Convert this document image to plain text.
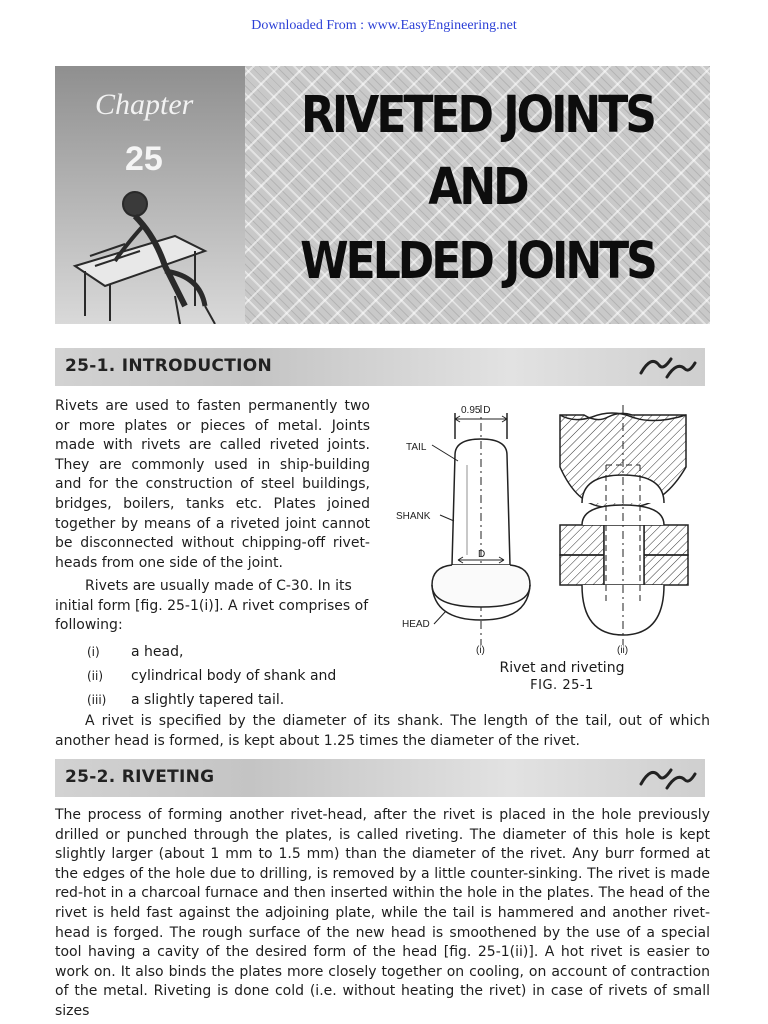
Downloaded From : www.EasyEngineering.net
Chapter
25
RIVETED JOINTS
AND
WELDED JOINTS
25-1. INTRODUCTION

Rivets are used to fasten permanently two or more plates or pieces of metal. Joints made with rivets are called riveted joints. They are commonly used in ship-building and for the construction of steel buildings, bridges, boilers, tanks etc. Plates joined together by means of a riveted joint cannot be disconnected without chipping-off rivet-heads from one side of the joint.

Rivets are usually made of C-30. In its initial form [fig. 25-1(i)]. A rivet comprises of following:

(i)	a head,
(ii)	cylindrical body of shank and
(iii)	a slightly tapered tail.
0.95 D
TAIL
SHANK
HEAD
D
(i)	(ii)
Rivet and riveting
FIG. 25-1

A rivet is specified by the diameter of its shank. The length of the tail, out of which another head is formed, is kept about 1.25 times the diameter of the rivet.

25-2. RIVETING

The process of forming another rivet-head, after the rivet is placed in the hole previously drilled or punched through the plates, is called riveting. The diameter of this hole is kept slightly larger (about 1 mm to 1.5 mm) than the diameter of the rivet. Any burr formed at the edges of the hole due to drilling, is removed by a little counter-sinking. The rivet is made red-hot in a charcoal furnace and then inserted within the hole in the plates. The head of the rivet is held fast against the adjoining plate, while the tail is hammered and another rivet-head is forged. The rough surface of the new head is smoothened by the use of a special tool having a cavity of the desired form of the head [fig. 25-1(ii)]. A hot rivet is easier to work on. It also binds the plates more closely together on cooling, on account of contraction of the metal. Riveting is done cold (i.e. without heating the rivet) in case of rivets of small sizes
